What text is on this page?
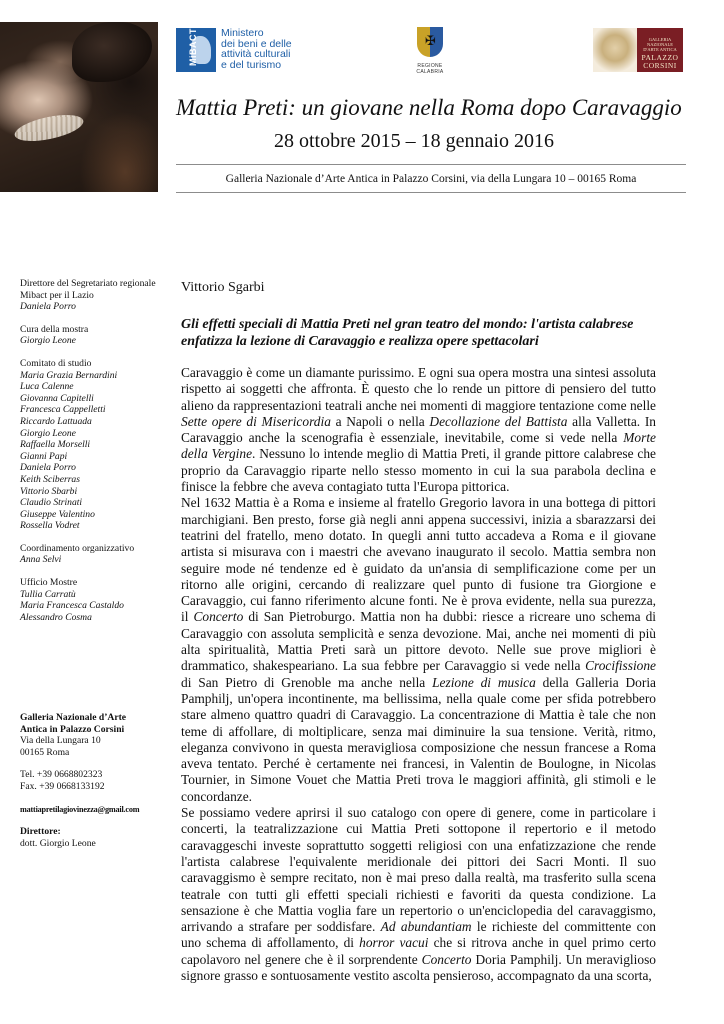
MiBACT Ministero
dei beni e delle
attività culturali
e del turismo
✠
REGIONE CALABRIA
GALLERIA NAZIONALE
D'ARTE ANTICA
PALAZZO
CORSINI
Mattia Preti: un giovane nella Roma dopo Caravaggio
28 ottobre 2015 – 18 gennaio 2016
Galleria Nazionale d’Arte Antica in Palazzo Corsini, via della Lungara 10 – 00165 Roma

Direttore del Segretariato regionale Mibact per il Lazio

Daniela Porro

Cura della mostra

Giorgio Leone

Comitato di studio

Maria Grazia Bernardini

Luca Calenne

Giovanna Capitelli

Francesca Cappelletti

Riccardo Lattuada

Giorgio Leone

Raffaella Morselli

Gianni Papi

Daniela Porro

Keith Sciberras

Vittorio Sbarbi

Claudio Strinati

Giuseppe Valentino

Rossella Vodret

Coordinamento organizzativo

Anna Selvi

Ufficio Mostre

Tullia Carratù

Maria Francesca Castaldo

Alessandro Cosma

Galleria Nazionale d’Arte

Antica in Palazzo Corsini

Via della Lungara 10

00165 Roma

Tel. +39 0668802323

Fax. +39 0668133192

mattiapretilagiovinezza@gmail.com

Direttore:

dott. Giorgio Leone

Vittorio Sgarbi
Gli effetti speciali di Mattia Preti nel gran teatro del mondo: l'artista calabrese enfatizza la lezione di Caravaggio e realizza opere spettacolari

Caravaggio è come un diamante purissimo. E ogni sua opera mostra una sintesi assoluta rispetto ai soggetti che affronta. È questo che lo rende un pittore di pensiero del tutto alieno da rappresentazioni teatrali anche nei momenti di maggiore tentazione come nelle Sette opere di Misericordia a Napoli o nella Decollazione del Battista alla Valletta. In Caravaggio anche la scenografia è essenziale, inevitabile, come si vede nella Morte della Vergine. Nessuno lo intende meglio di Mattia Preti, il grande pittore calabrese che proprio da Caravaggio riparte nello stesso momento in cui la sua parabola declina e finisce la febbre che aveva contagiato tutta l'Europa pittorica.

Nel 1632 Mattia è a Roma e insieme al fratello Gregorio lavora in una bottega di pittori marchigiani. Ben presto, forse già negli anni appena successivi, inizia a sbarazzarsi dei teatrini del fratello, meno dotato. In quegli anni tutto accadeva a Roma e il giovane artista si misurava con i maestri che avevano inaugurato il secolo. Mattia sembra non seguire mode né tendenze ed è guidato da un'ansia di semplificazione come per un ritorno alle origini, cercando di realizzare quel punto di fusione tra Giorgione e Caravaggio, cui fanno riferimento alcune fonti. Ne è prova evidente, nella sua purezza, il Concerto di San Pietroburgo. Mattia non ha dubbi: riesce a ricreare uno schema di Caravaggio con assoluta semplicità e senza devozione. Mai, anche nei momenti di più alta spiritualità, Mattia Preti sarà un pittore devoto. Nelle sue prove migliori è drammatico, shakespeariano. La sua febbre per Caravaggio si vede nella Crocifissione di San Pietro di Grenoble ma anche nella Lezione di musica della Galleria Doria Pamphilj, un'opera incontinente, ma bellissima, nella quale come per sfida potrebbero stare almeno quattro quadri di Caravaggio. La concentrazione di Mattia è tale che non teme di affollare, di moltiplicare, senza mai diminuire la sua tensione. Verità, ritmo, eleganza convivono in questa meravigliosa composizione che nessun francese a Roma aveva tentato. Perché è certamente nei francesi, in Valentin de Boulogne, in Nicolas Tournier, in Simone Vouet che Mattia Preti trova le maggiori affinità, gli stimoli e le concordanze.

Se possiamo vedere aprirsi il suo catalogo con opere di genere, come in particolare i concerti, la teatralizzazione cui Mattia Preti sottopone il repertorio e il metodo caravaggeschi investe soprattutto soggetti religiosi con una enfatizzazione che rende l'artista calabrese l'equivalente meridionale dei pittori dei Sacri Monti. Il suo caravaggismo è sempre recitato, non è mai preso dalla realtà, ma trasferito sulla scena teatrale con tutti gli effetti speciali richiesti e favoriti da questa condizione. La sensazione è che Mattia voglia fare un repertorio o un'enciclopedia del caravaggismo, arrivando a strafare per soddisfare. Ad abundantiam le richieste del committente con uno schema di affollamento, di horror vacui che si ritrova anche in quel primo certo capolavoro nel genere che è il sorprendente Concerto Doria Pamphilj. Un meraviglioso signore grasso e sontuosamente vestito ascolta pensieroso, accompagnato da una scorta,
